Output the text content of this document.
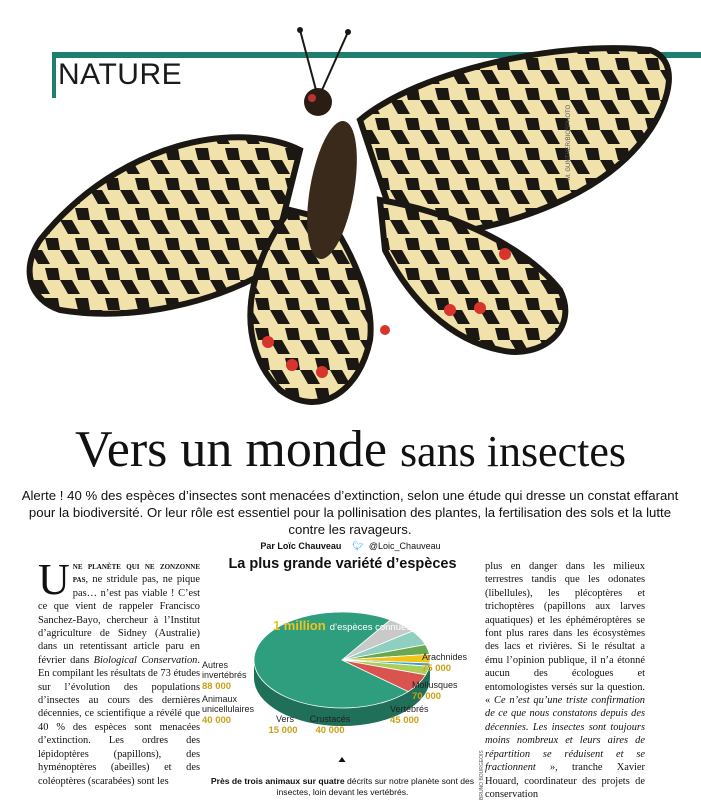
NATURE
M. GUNTHER/BIOSPHOTO
Vers un monde sans insectes
Alerte ! 40 % des espèces d’insectes sont menacées d’extinction, selon une étude qui dresse un constat effarant pour la biodiversité. Or leur rôle est essentiel pour la pollinisation des plantes, la fertilisation des sols et la lutte contre les ravageurs.
Par Loïc Chauveau 🐦︎ @Loic_Chauveau
U ne planète qui ne zonzonne pas, ne stridule pas, ne pique pas… n’est pas viable ! C’est ce que vient de rappeler Francisco Sanchez-Bayo, chercheur à l’Institut d’agriculture de Sidney (Australie) dans un retentissant article paru en février dans Biological Conservation. En compilant les résultats de 73 études sur l’évolution des populations d’insectes au cours des dernières décennies, ce scientifique a révélé que 40 % des espèces sont menacées d’extinction. Les ordres des lépidoptères (papillons), des hyménoptères (abeilles) et des coléoptères (scarabées) sont les
La plus grande variété d’espèces
Insectes
1 million d’espèces connues
Arachnides
75 000
Mollusques
70 000
Vertébrés
45 000
Crustacés
40 000
Vers
15 000
Animaux
unicellulaires
40 000
Autres
invertébrés
88 000
Près de trois animaux sur quatre décrits sur notre planète sont des insectes, loin devant les vertébrés.	BRUNO BOURGEOIS
plus en danger dans les milieux terrestres tandis que les odonates (libellules), les plécoptères et trichoptères (papillons aux larves aquatiques) et les éphéméroptères se font plus rares dans les écosystèmes des lacs et rivières. Si le résultat a ému l’opinion publique, il n’a étonné aucun des écologues et entomologistes versés sur la question. « Ce n’est qu’une triste confirmation de ce que nous constatons depuis des décennies. Les insectes sont toujours moins nombreux et leurs aires de répartition se réduisent et se fractionnent », tranche Xavier Houard, coordinateur des projets de conservation
